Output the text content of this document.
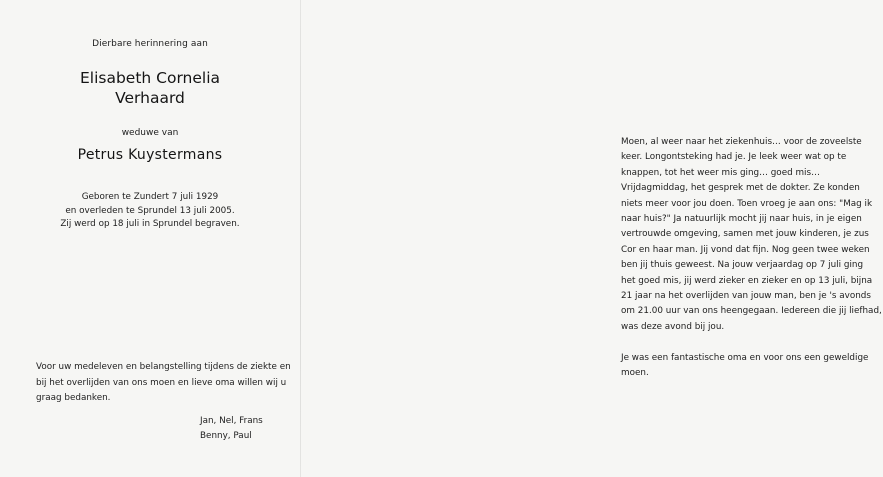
Dierbare herinnering aan
Elisabeth Cornelia
Verhaard
weduwe van
Petrus Kuystermans
Geboren te Zundert 7 juli 1929
en overleden te Sprundel 13 juli 2005.
Zij werd op 18 juli in Sprundel begraven.
Voor uw medeleven en belangstelling tijdens de ziekte en
bij het overlijden van ons moen en lieve oma willen wij u
graag bedanken.
Jan, Nel, Frans
Benny, Paul
Moen, al weer naar het ziekenhuis… voor de zoveelste
keer. Longontsteking had je. Je leek weer wat op te
knappen, tot het weer mis ging… goed mis…
Vrijdagmiddag, het gesprek met de dokter. Ze konden
niets meer voor jou doen. Toen vroeg je aan ons: "Mag ik
naar huis?" Ja natuurlijk mocht jij naar huis, in je eigen
vertrouwde omgeving, samen met jouw kinderen, je zus
Cor en haar man. Jij vond dat fijn. Nog geen twee weken
ben jij thuis geweest. Na jouw verjaardag op 7 juli ging
het goed mis, jij werd zieker en zieker en op 13 juli, bijna
21 jaar na het overlijden van jouw man, ben je 's avonds
om 21.00 uur van ons heengegaan. Iedereen die jij liefhad,
was deze avond bij jou.
Je was een fantastische oma en voor ons een geweldige
moen.
